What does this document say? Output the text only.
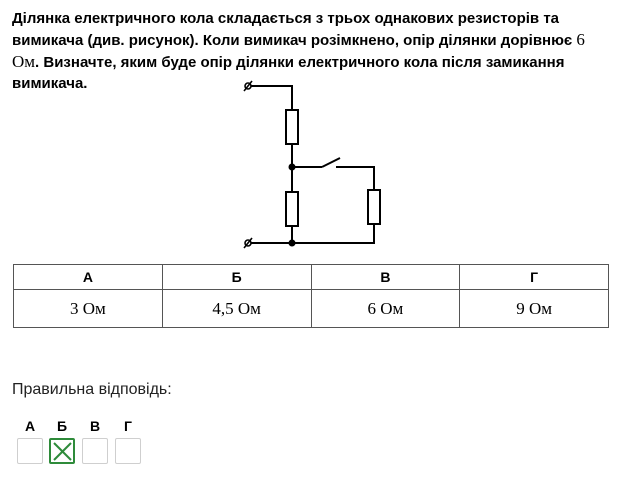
Ділянка електричного кола складається з трьох однакових резисторів та вимикача (див. рисунок). Коли вимикач розімкнено, опір ділянки дорівнює 6 Ом. Визначте, яким буде опір ділянки електричного кола після замикання вимикача.
А	Б	В	Г
3 Ом	4,5 Ом	6 Ом	9 Ом
Правильна відповідь:
А	Б	В	Г
